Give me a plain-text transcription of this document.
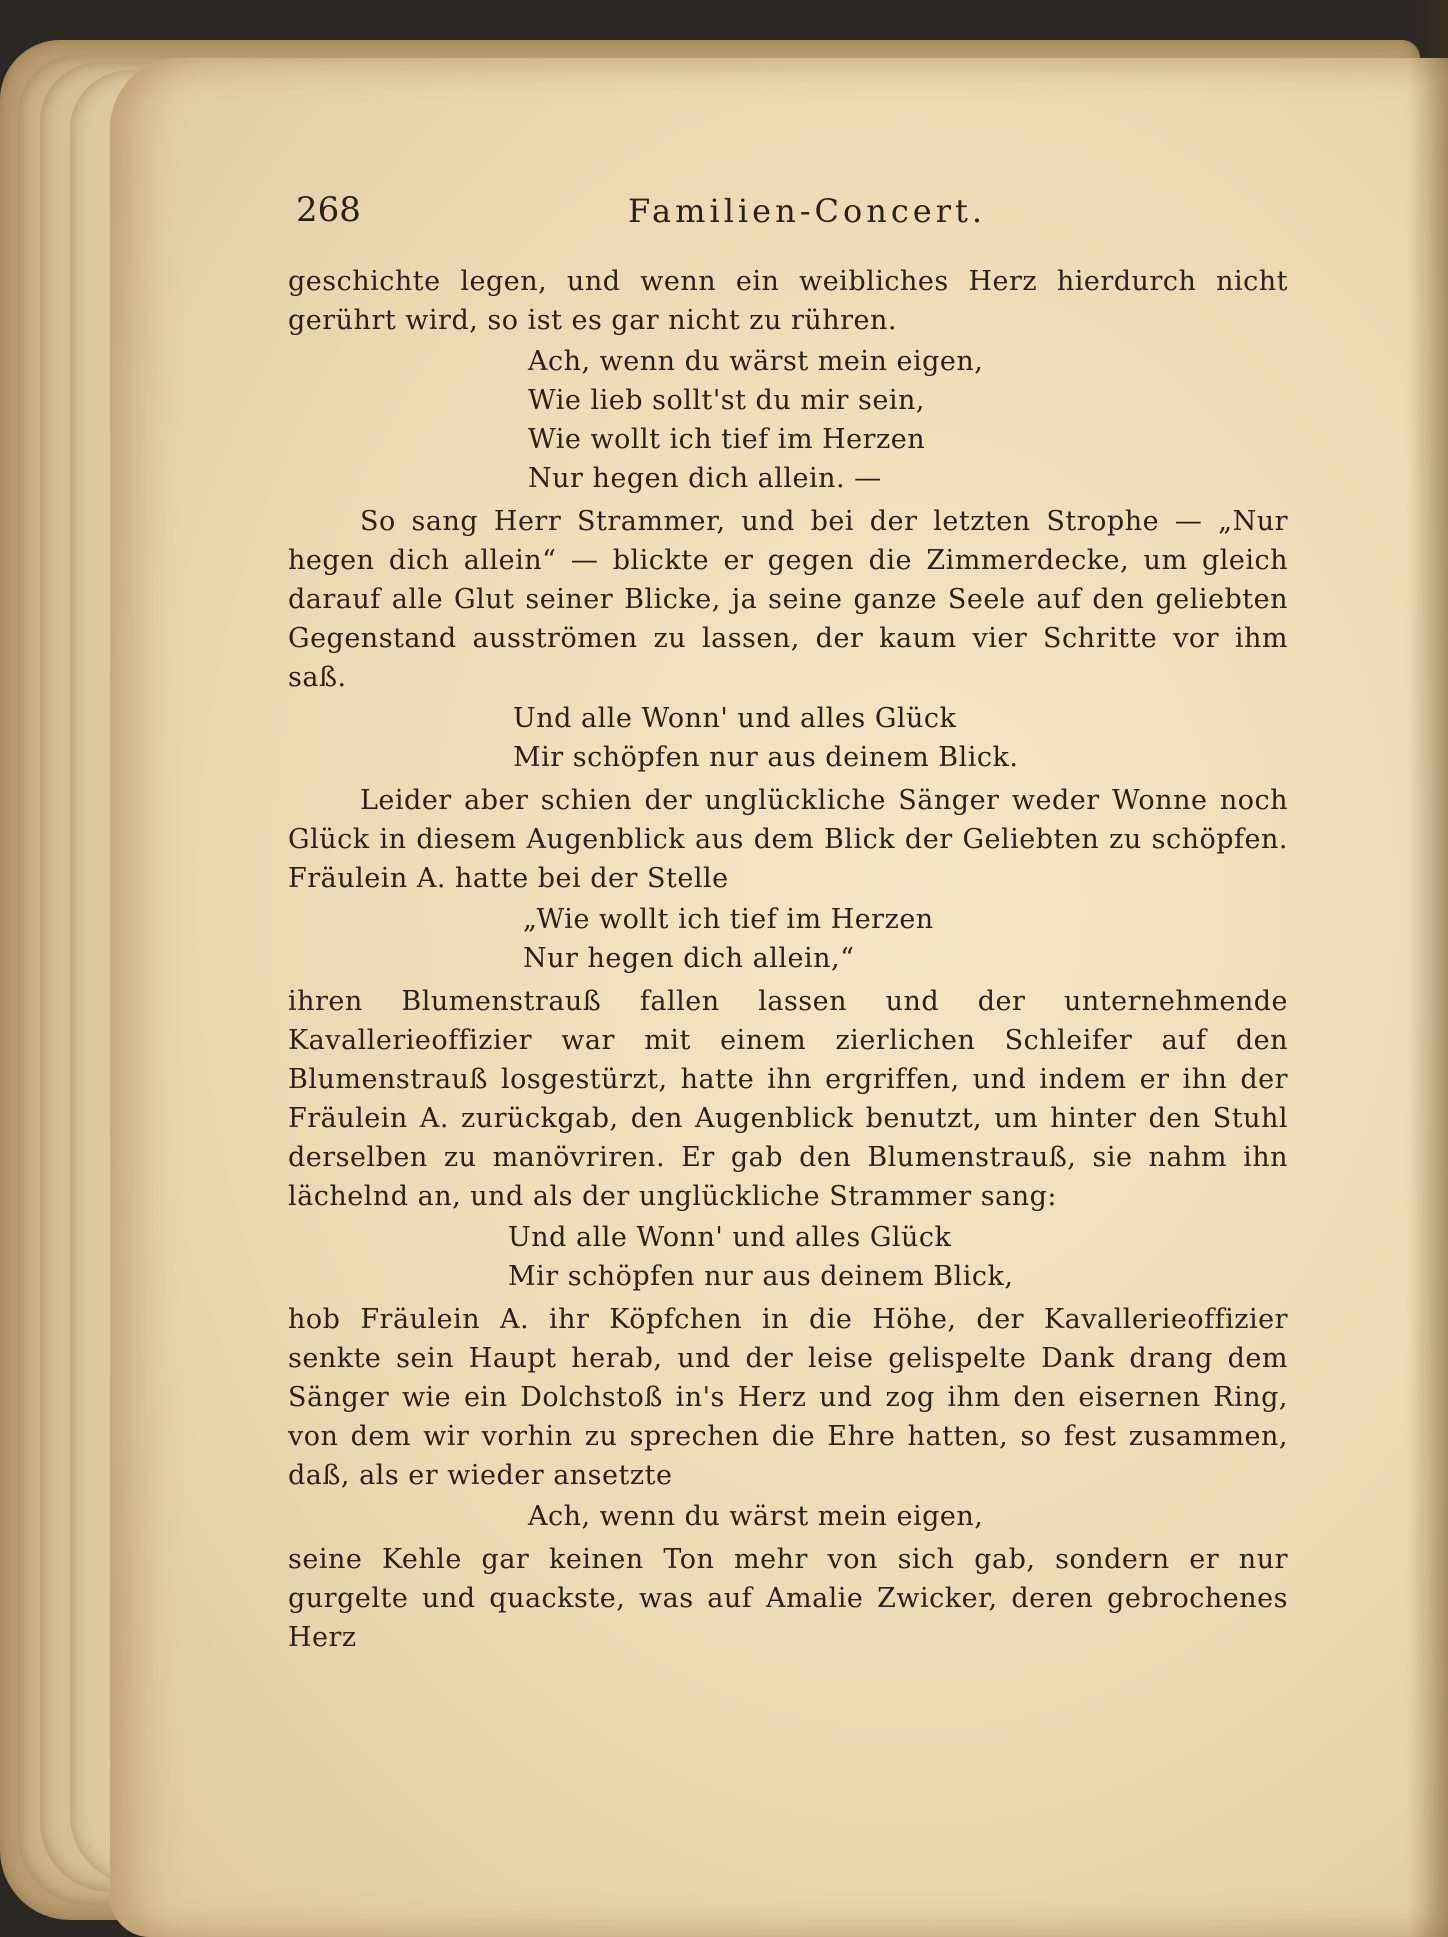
268	Familien-Concert.

geschichte legen, und wenn ein weibliches Herz hierdurch nicht gerührt wird, so ist es gar nicht zu rühren.

Ach, wenn du wärst mein eigen,
Wie lieb sollt'st du mir sein,
Wie wollt ich tief im Herzen
Nur hegen dich allein. —

So sang Herr Strammer, und bei der letzten Strophe — „Nur hegen dich allein“ — blickte er gegen die Zimmerdecke, um gleich darauf alle Glut seiner Blicke, ja seine ganze Seele auf den geliebten Gegenstand ausströmen zu lassen, der kaum vier Schritte vor ihm saß.

Und alle Wonn' und alles Glück
Mir schöpfen nur aus deinem Blick.

Leider aber schien der unglückliche Sänger weder Wonne noch Glück in diesem Augenblick aus dem Blick der Geliebten zu schöpfen. Fräulein A. hatte bei der Stelle

„Wie wollt ich tief im Herzen
Nur hegen dich allein,“

ihren Blumenstrauß fallen lassen und der unternehmende Kavallerieoffizier war mit einem zierlichen Schleifer auf den Blumenstrauß losgestürzt, hatte ihn ergriffen, und indem er ihn der Fräulein A. zurückgab, den Augenblick benutzt, um hinter den Stuhl derselben zu manövriren. Er gab den Blumenstrauß, sie nahm ihn lächelnd an, und als der unglückliche Strammer sang:

Und alle Wonn' und alles Glück
Mir schöpfen nur aus deinem Blick,

hob Fräulein A. ihr Köpfchen in die Höhe, der Kavallerieoffizier senkte sein Haupt herab, und der leise gelispelte Dank drang dem Sänger wie ein Dolchstoß in's Herz und zog ihm den eisernen Ring, von dem wir vorhin zu sprechen die Ehre hatten, so fest zusammen, daß, als er wieder ansetzte

Ach, wenn du wärst mein eigen,

seine Kehle gar keinen Ton mehr von sich gab, sondern er nur gurgelte und quackste, was auf Amalie Zwicker, deren gebrochenes Herz
